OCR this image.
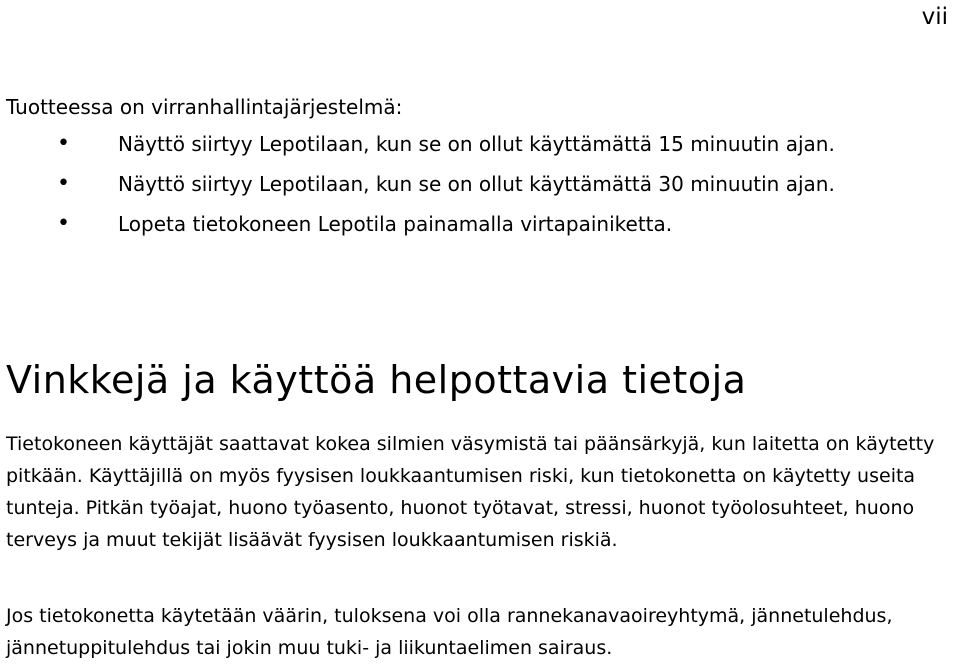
vii
Tuotteessa on virranhallintajärjestelmä:
• Näyttö siirtyy Lepotilaan, kun se on ollut käyttämättä 15 minuutin ajan.
• Näyttö siirtyy Lepotilaan, kun se on ollut käyttämättä 30 minuutin ajan.
• Lopeta tietokoneen Lepotila painamalla virtapainiketta.
Vinkkejä ja käyttöä helpottavia tietoja

Tietokoneen käyttäjät saattavat kokea silmien väsymistä tai päänsärkyjä, kun laitetta on käytetty pitkään. Käyttäjillä on myös fyysisen loukkaantumisen riski, kun tietokonetta on käytetty useita tunteja. Pitkän työajat, huono työasento, huonot työtavat, stressi, huonot työolosuhteet, huono terveys ja muut tekijät lisäävät fyysisen loukkaantumisen riskiä.

Jos tietokonetta käytetään väärin, tuloksena voi olla rannekanavaoireyhtymä, jännetulehdus, jännetuppitulehdus tai jokin muu tuki- ja liikuntaelimen sairaus.
